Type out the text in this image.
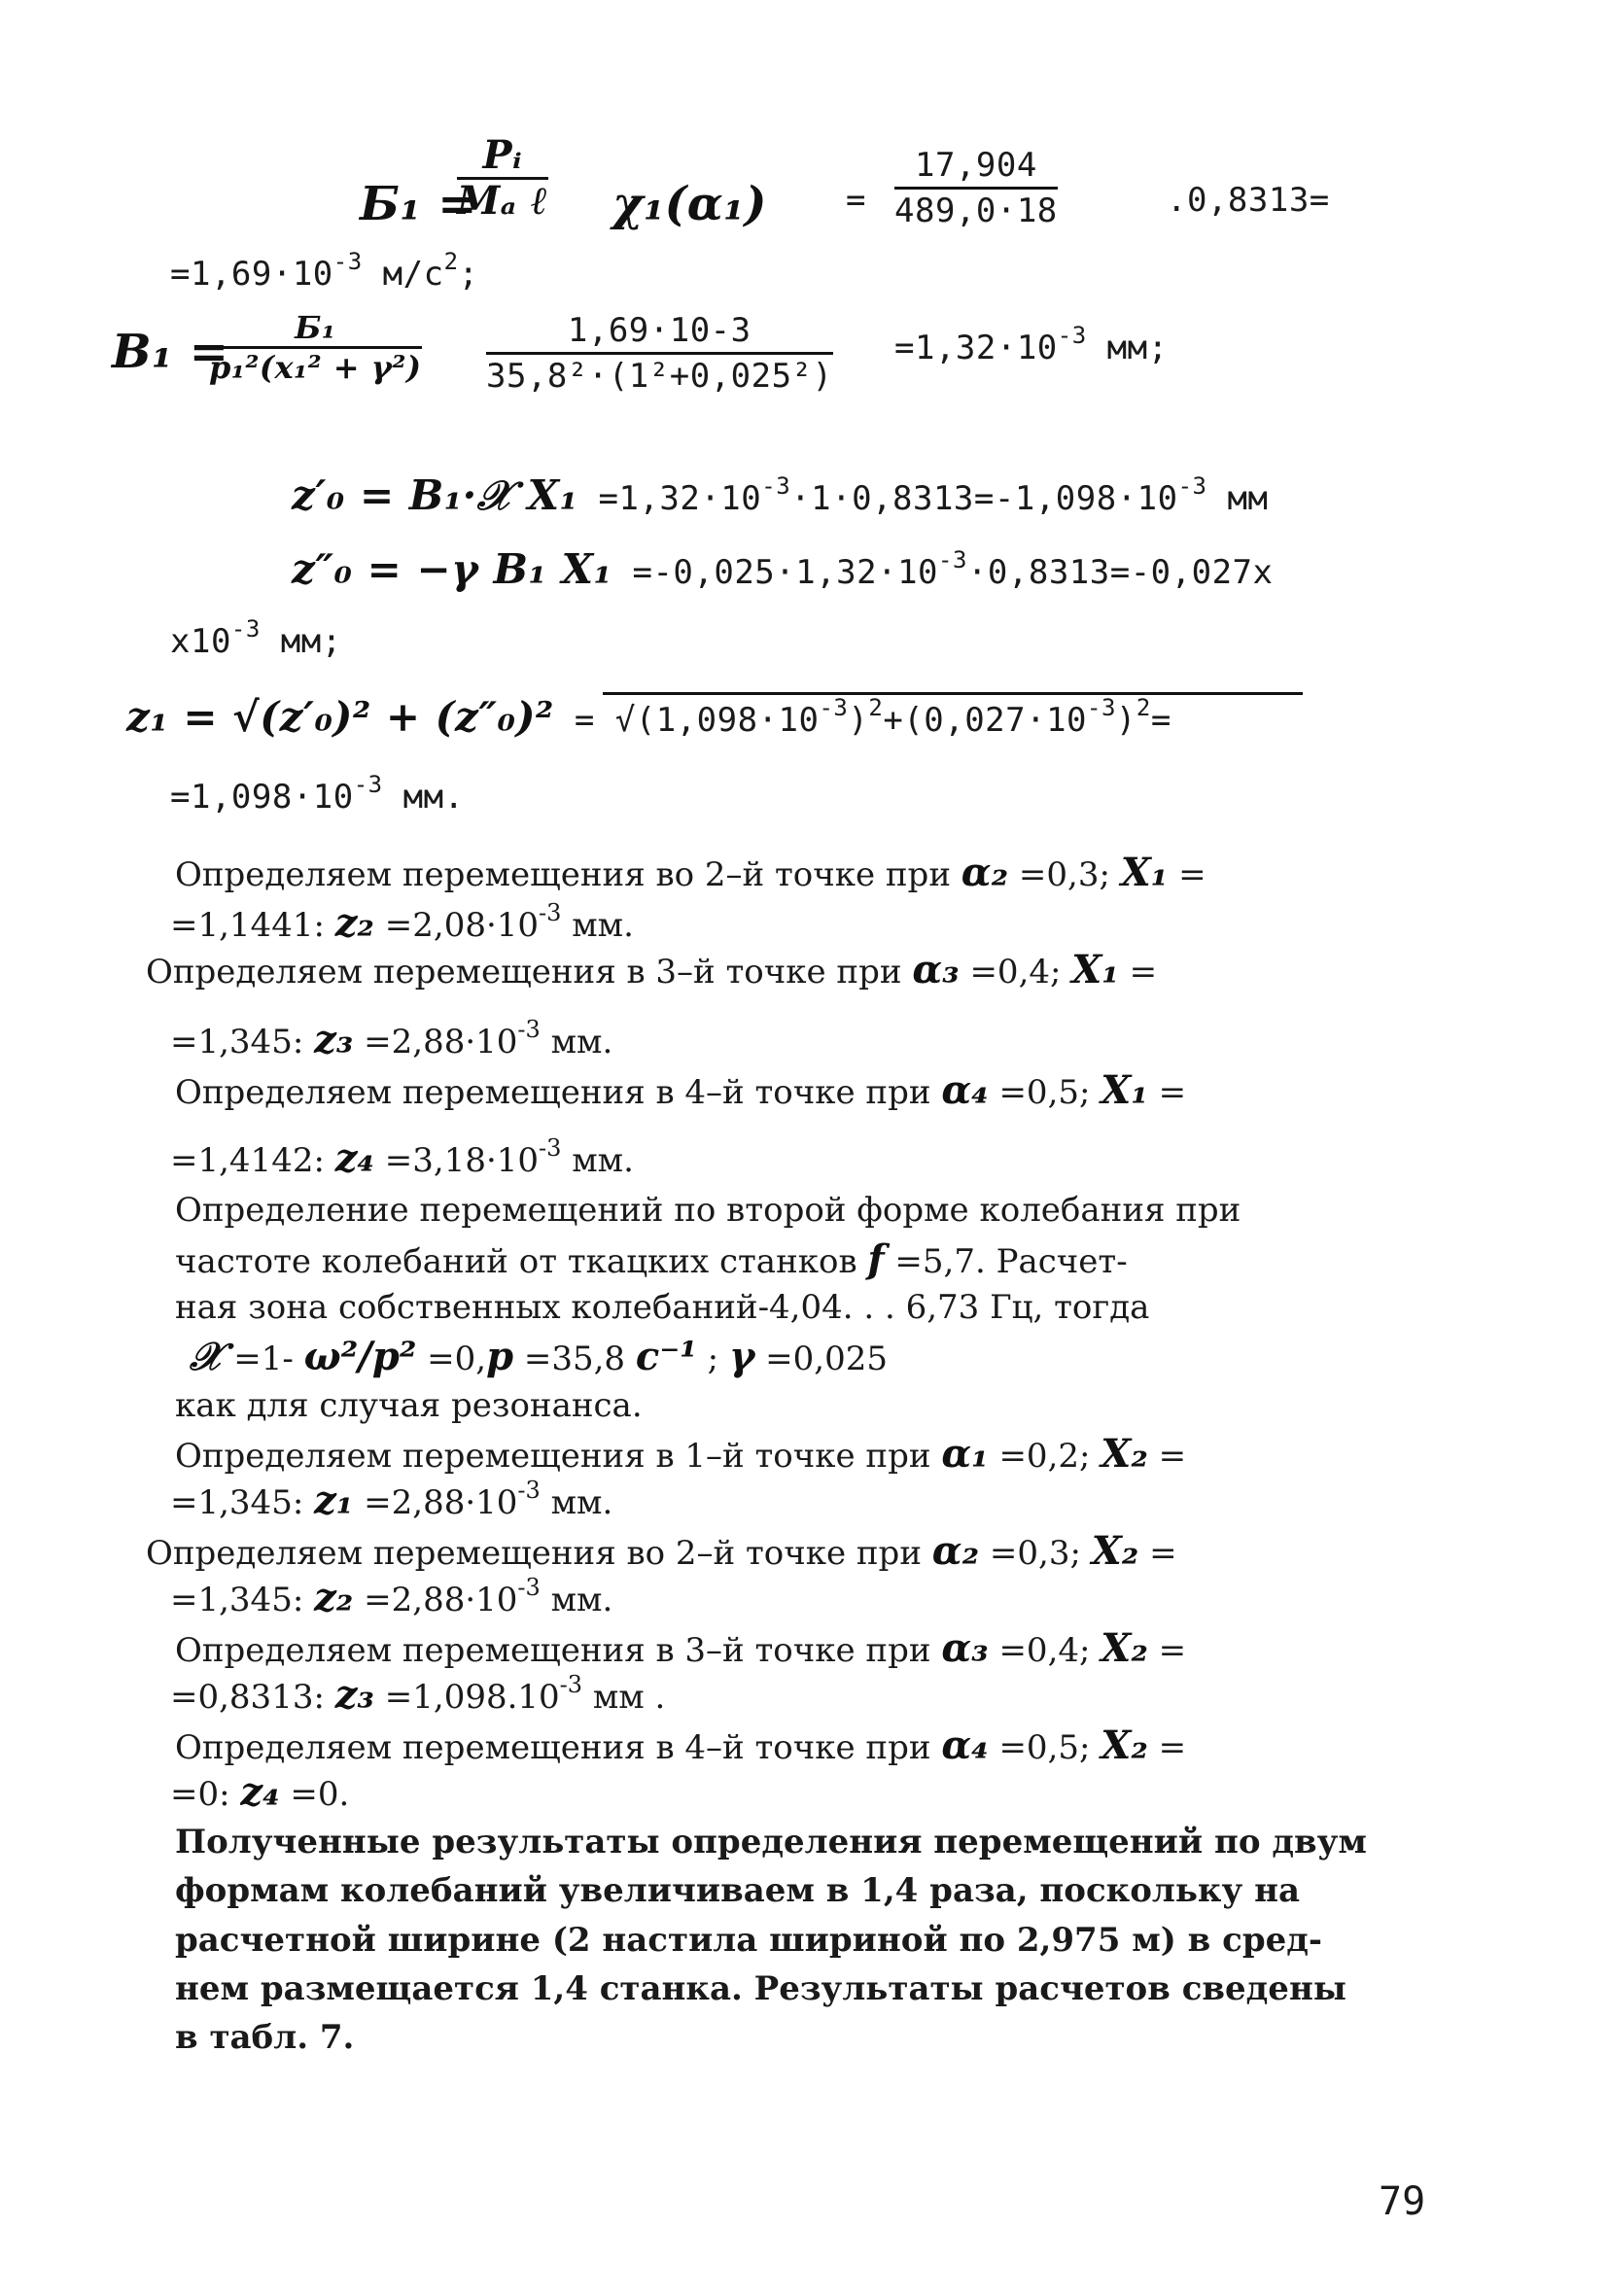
Б₁ =
Pᵢ
Mₐ ℓ $\chi_1(\alpha_1) = \frac{17,904}{489,0\cdot 18}$	.0,8313=
$=1,69\cdot 10^{-3}$ $м/с^2$;
B₁ =	Б₁
$p_1^2(x_1^2 + \gamma^2) \frac{1,69\cdot 10-3}{\text{35,8²·(1²+0,025²)}} =1,32\cdot 10^{-3}$ мм;
z′₀ = B₁·𝒳 $X_1 =1,32\cdot 10^{-3}\cdot 1\cdot 0,8313=-1,098\cdot 10^{-3}$ мм
z″₀ = −γ B₁ $X_1 =-0,025\cdot 1,32\cdot 10^{-3}\cdot 0,8313=-0,027x$
$x10^{-3}$ мм;
$z_1 = √(z'_0)^2 + (z''_0)^2 = √(1,098\cdot 10^{-3})^2+(0,027\cdot 10^{-3})^2=$
$=1,098\cdot 10^{-3}$ мм.
Определяем перемещения во 2–й точке при α₂ =0,3; X₁ =
=1,1441: $z_2 =2,08\cdot 10^{-3}$ мм.
Определяем перемещения в 3–й точке при α₃ =0,4; X₁ =
=1,345: $z_3 =2,88\cdot 10^{-3}$ мм.
Определяем перемещения в 4–й точке при α₄ =0,5; X₁ =
=1,4142: $z_4 =3,18\cdot 10^{-3}$ мм.
Определение перемещений по второй форме колебания при
частоте колебаний от ткацких станков f =5,7. Расчет-
ная зона собственных колебаний-4,04. . . 6,73 Гц, тогда
𝒳 =1- ω²/p² =0,p =35,8 c⁻¹ ; γ =0,025
как для случая резонанса.
Определяем перемещения в 1–й точке при α₁ =0,2; X₂ =
=1,345: $z_1 =2,88\cdot 10^{-3}$ мм.
Определяем перемещения во 2–й точке при α₂ =0,3; X₂ =
=1,345: $z_2 =2,88\cdot 10^{-3}$ мм.
Определяем перемещения в 3–й точке при α₃ =0,4; X₂ =
=0,8313: $z_3 =1,098.10^{-3}$ мм .
Определяем перемещения в 4–й точке при α₄ =0,5; X₂ =
=0: z₄ =0.
Полученные результаты определения перемещений по двум
формам колебаний увеличиваем в 1,4 раза, поскольку на
расчетной ширине (2 настила шириной по 2,975 м) в сред-
нем размещается 1,4 станка. Результаты расчетов сведены
в табл. 7.
79
